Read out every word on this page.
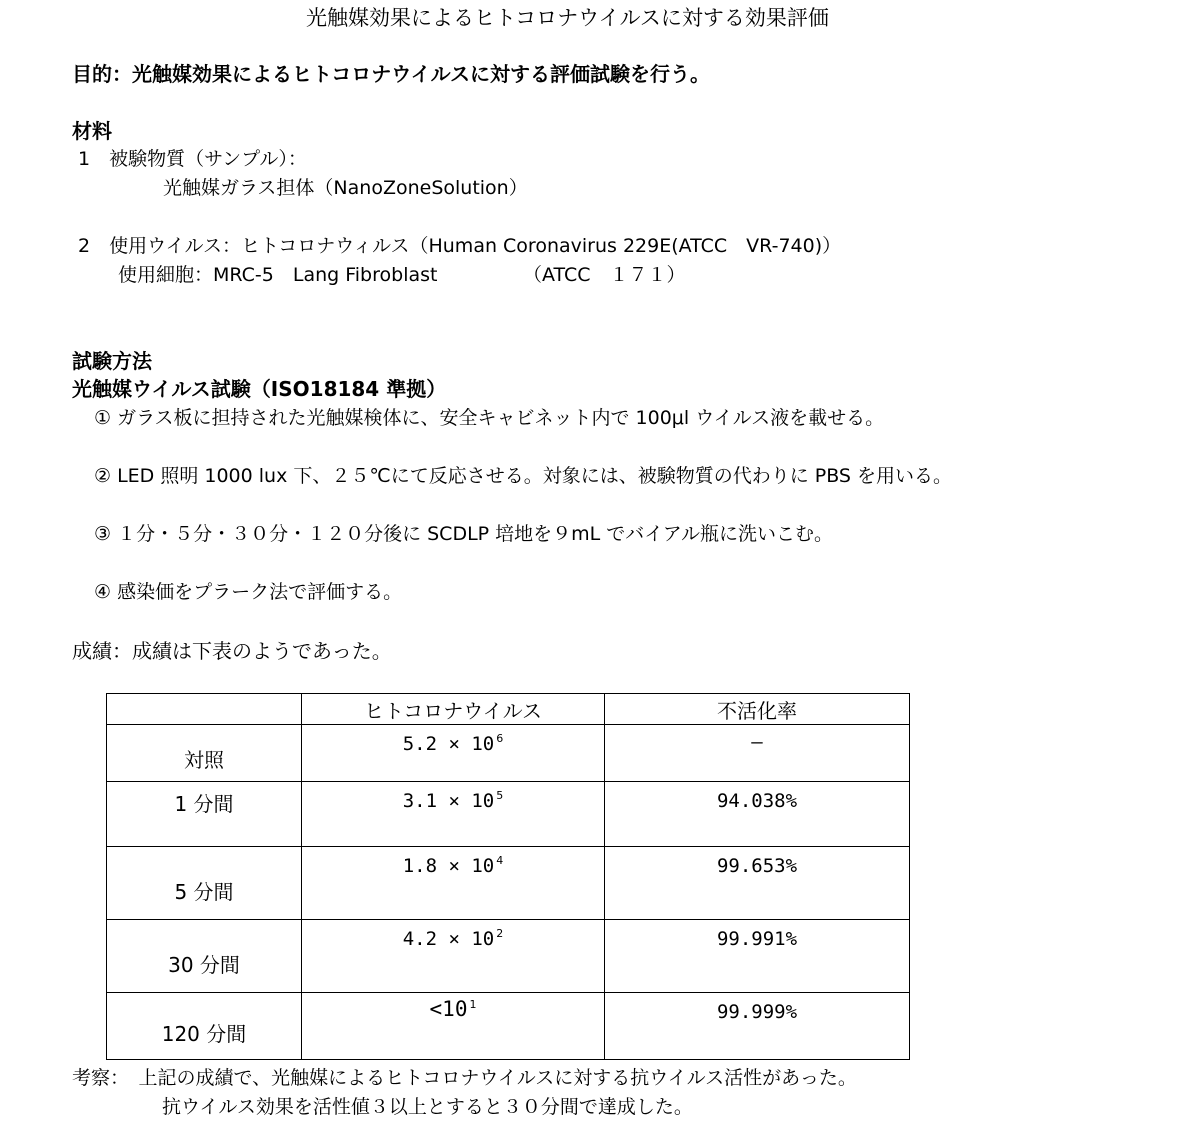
光触媒効果によるヒトコロナウイルスに対する効果評価
目的：光触媒効果によるヒトコロナウイルスに対する評価試験を行う。
材料
1　被験物質（サンプル）：
光触媒ガラス担体（NanoZoneSolution）
2　使用ウイルス：ヒトコロナウィルス（Human Coronavirus 229E(ATCC　VR-740)）
使用細胞：MRC-5　Lang Fibroblast　　　　　（ATCC　１７１）
試験方法
光触媒ウイルス試験（ISO18184 準拠）
① ガラス板に担持された光触媒検体に、安全キャビネット内で 100μl ウイルス液を載せる。
② LED 照明 1000 lux 下、２５℃にて反応させる。対象には、被験物質の代わりに PBS を用いる。
③ １分・５分・３０分・１２０分後に SCDLP 培地を９mL でバイアル瓶に洗いこむ。
④ 感染価をプラーク法で評価する。
成績：成績は下表のようであった。
	ヒトコロナウイルス	不活化率
対照	5.2 × 10 $^6$	—
1 分間	3.1 × 10 $^5$	94.038%
5 分間	1.8 × 10 $^4$	99.653%
30 分間	4.2 × 10 $^2$	99.991%
120 分間	<10 $^1$	99.999%
考察：　上記の成績で、光触媒によるヒトコロナウイルスに対する抗ウイルス活性があった。
抗ウイルス効果を活性値３以上とすると３０分間で達成した。
